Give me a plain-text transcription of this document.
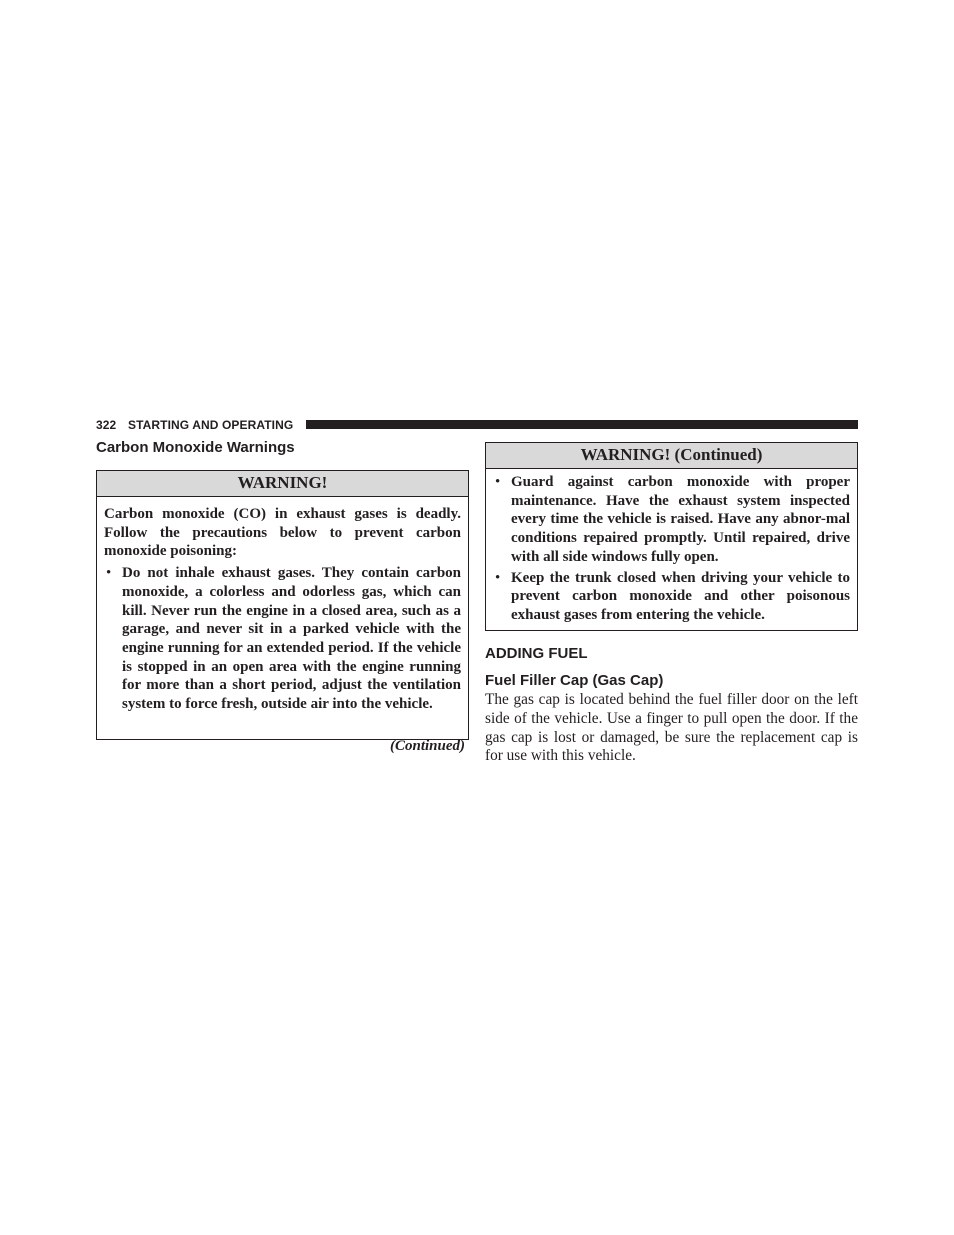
322 STARTING AND OPERATING
Carbon Monoxide Warnings
WARNING!

Carbon monoxide (CO) in exhaust gases is deadly. Follow the precautions below to prevent carbon monoxide poisoning:

• Do not inhale exhaust gases. They contain carbon monoxide, a colorless and odorless gas, which can kill. Never run the engine in a closed area, such as a garage, and never sit in a parked vehicle with the engine running for an extended period. If the vehicle is stopped in an open area with the engine running for more than a short period, adjust the ventilation system to force fresh, outside air into the vehicle.
(Continued)
WARNING! (Continued)
• Guard against carbon monoxide with proper maintenance. Have the exhaust system inspected every time the vehicle is raised. Have any abnor-mal conditions repaired promptly. Until repaired, drive with all side windows fully open.
• Keep the trunk closed when driving your vehicle to prevent carbon monoxide and other poisonous exhaust gases from entering the vehicle.
ADDING FUEL
Fuel Filler Cap (Gas Cap)

The gas cap is located behind the fuel filler door on the left side of the vehicle. Use a finger to pull open the door. If the gas cap is lost or damaged, be sure the replacement cap is for use with this vehicle.
